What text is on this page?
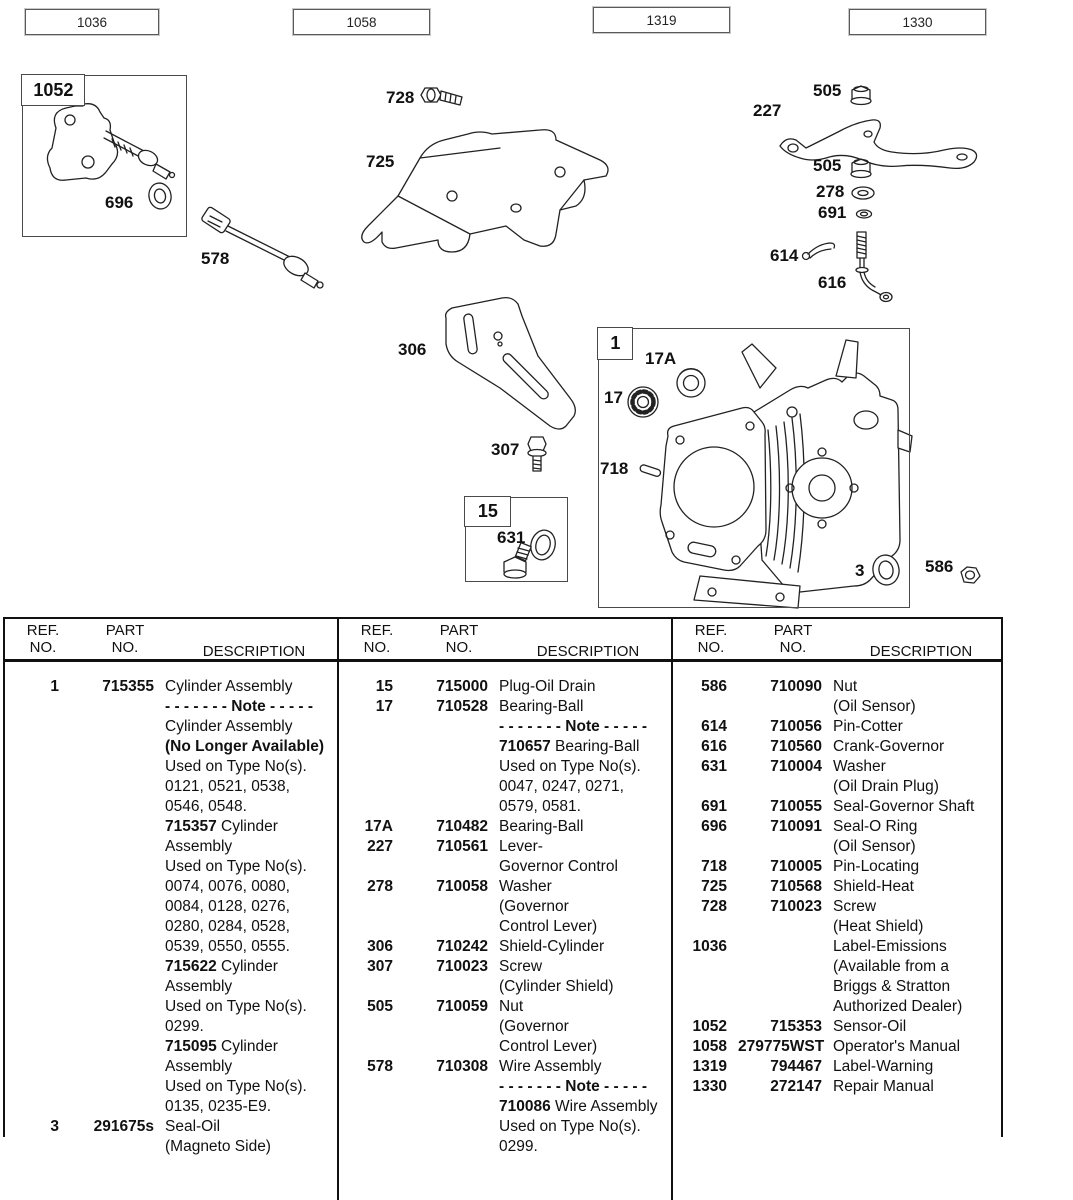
1036	1058	1319	1330
1052
15
1
696
578
728
725
505
227
505
278
691
614
616
306
307
631
17A
17
718
3	586
REF.
NO.
PART
NO.	DESCRIPTION
1	715355 Cylinder Assembly
- - - - - - - Note - - - - -
Cylinder Assembly
(No Longer Available)
Used on Type No(s).
0121, 0521, 0538,
0546, 0548.
715357 Cylinder
Assembly
Used on Type No(s).
0074, 0076, 0080,
0084, 0128, 0276,
0280, 0284, 0528,
0539, 0550, 0555.
715622 Cylinder
Assembly
Used on Type No(s).
0299.
715095 Cylinder
Assembly
Used on Type No(s).
0135, 0235-E9.
3	291675s Seal-Oil
(Magneto Side)
REF.
NO.
PART
NO.	DESCRIPTION
15	715000 Plug-Oil Drain
17	710528 Bearing-Ball
- - - - - - - Note - - - - -
710657 Bearing-Ball
Used on Type No(s).
0047, 0247, 0271,
0579, 0581.
17A	710482 Bearing-Ball
227	710561 Lever-
Governor Control
278	710058 Washer
(Governor
Control Lever)
306	710242 Shield-Cylinder
307	710023 Screw
(Cylinder Shield)
505	710059 Nut
(Governor
Control Lever)
578	710308 Wire Assembly
- - - - - - - Note - - - - -
710086 Wire Assembly
Used on Type No(s).
0299.
REF.
NO.
PART
NO.	DESCRIPTION
586	710090 Nut
(Oil Sensor)
614	710056 Pin-Cotter
616	710560 Crank-Governor
631	710004 Washer
(Oil Drain Plug)
691	710055 Seal-Governor Shaft
696	710091 Seal-O Ring
(Oil Sensor)
718	710005 Pin-Locating
725	710568 Shield-Heat
728	710023 Screw
(Heat Shield)
1036	Label-Emissions
(Available from a
Briggs & Stratton
Authorized Dealer)
1052	715353 Sensor-Oil
1058 279775WST Operator's Manual
1319	794467 Label-Warning
1330	272147 Repair Manual
